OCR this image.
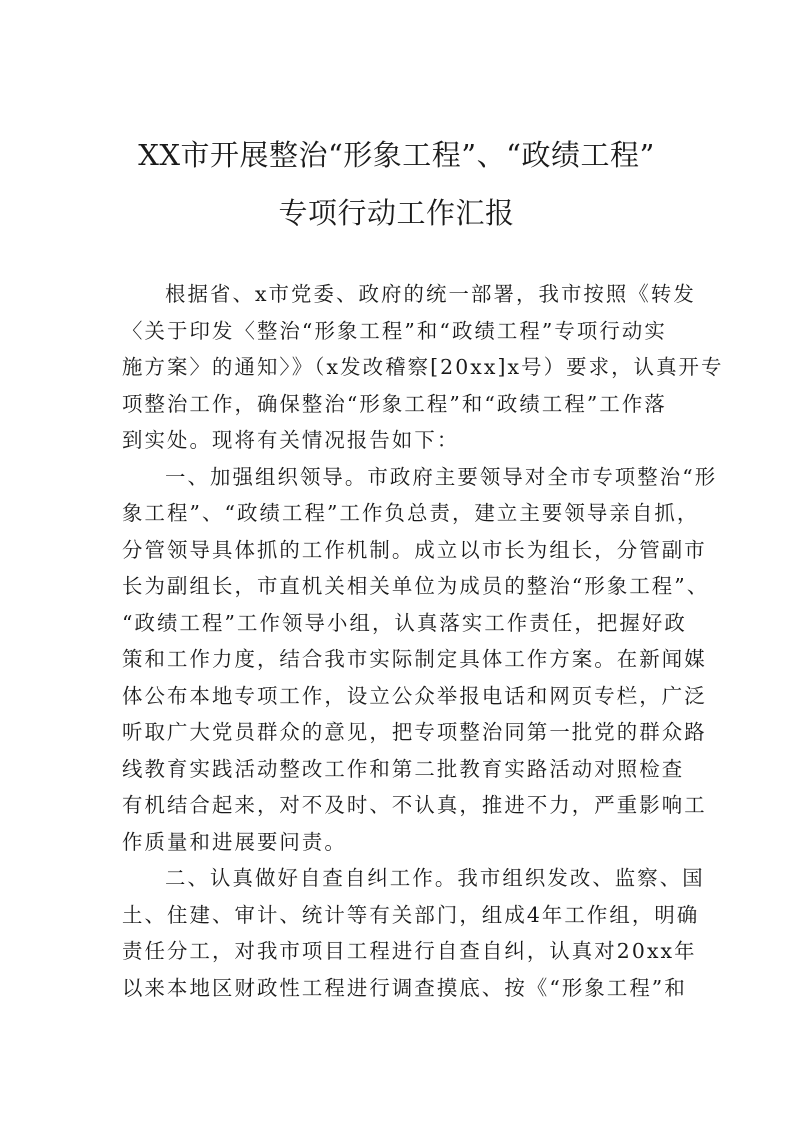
XX市开展整治“形象工程”、“政绩工程”
专项行动工作汇报
根据省、x市党委、政府的统一部署，我市按照《转发
〈关于印发〈整治“形象工程”和“政绩工程”专项行动实
施方案〉的通知〉》（x发改稽察[20xx]x号）要求，认真开专
项整治工作，确保整治“形象工程”和“政绩工程”工作落
到实处。现将有关情况报告如下：
一、加强组织领导。市政府主要领导对全市专项整治“形
象工程”、“政绩工程”工作负总责，建立主要领导亲自抓，
分管领导具体抓的工作机制。成立以市长为组长，分管副市
长为副组长，市直机关相关单位为成员的整治“形象工程”、
“政绩工程”工作领导小组，认真落实工作责任，把握好政
策和工作力度，结合我市实际制定具体工作方案。在新闻媒
体公布本地专项工作，设立公众举报电话和网页专栏，广泛
听取广大党员群众的意见，把专项整治同第一批党的群众路
线教育实践活动整改工作和第二批教育实路活动对照检查
有机结合起来，对不及时、不认真，推进不力，严重影响工
作质量和进展要问责。
二、认真做好自查自纠工作。我市组织发改、监察、国
土、住建、审计、统计等有关部门，组成4年工作组，明确
责任分工，对我市项目工程进行自查自纠，认真对20xx年
以来本地区财政性工程进行调查摸底、按《“形象工程”和
